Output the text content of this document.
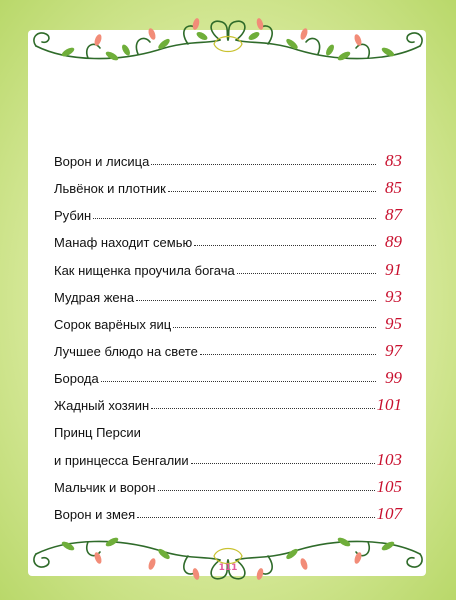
Ворон и лисица	83
Львёнок и плотник	85
Рубин	87
Манаф находит семью	89
Как нищенка проучила богача	91
Мудрая жена	93
Сорок варёных яиц	95
Лучшее блюдо на свете	97
Борода	99
Жадный хозяин	101
Принц Персии
и принцесса Бенгалии	103
Мальчик и ворон	105
Ворон и змея	107
111
